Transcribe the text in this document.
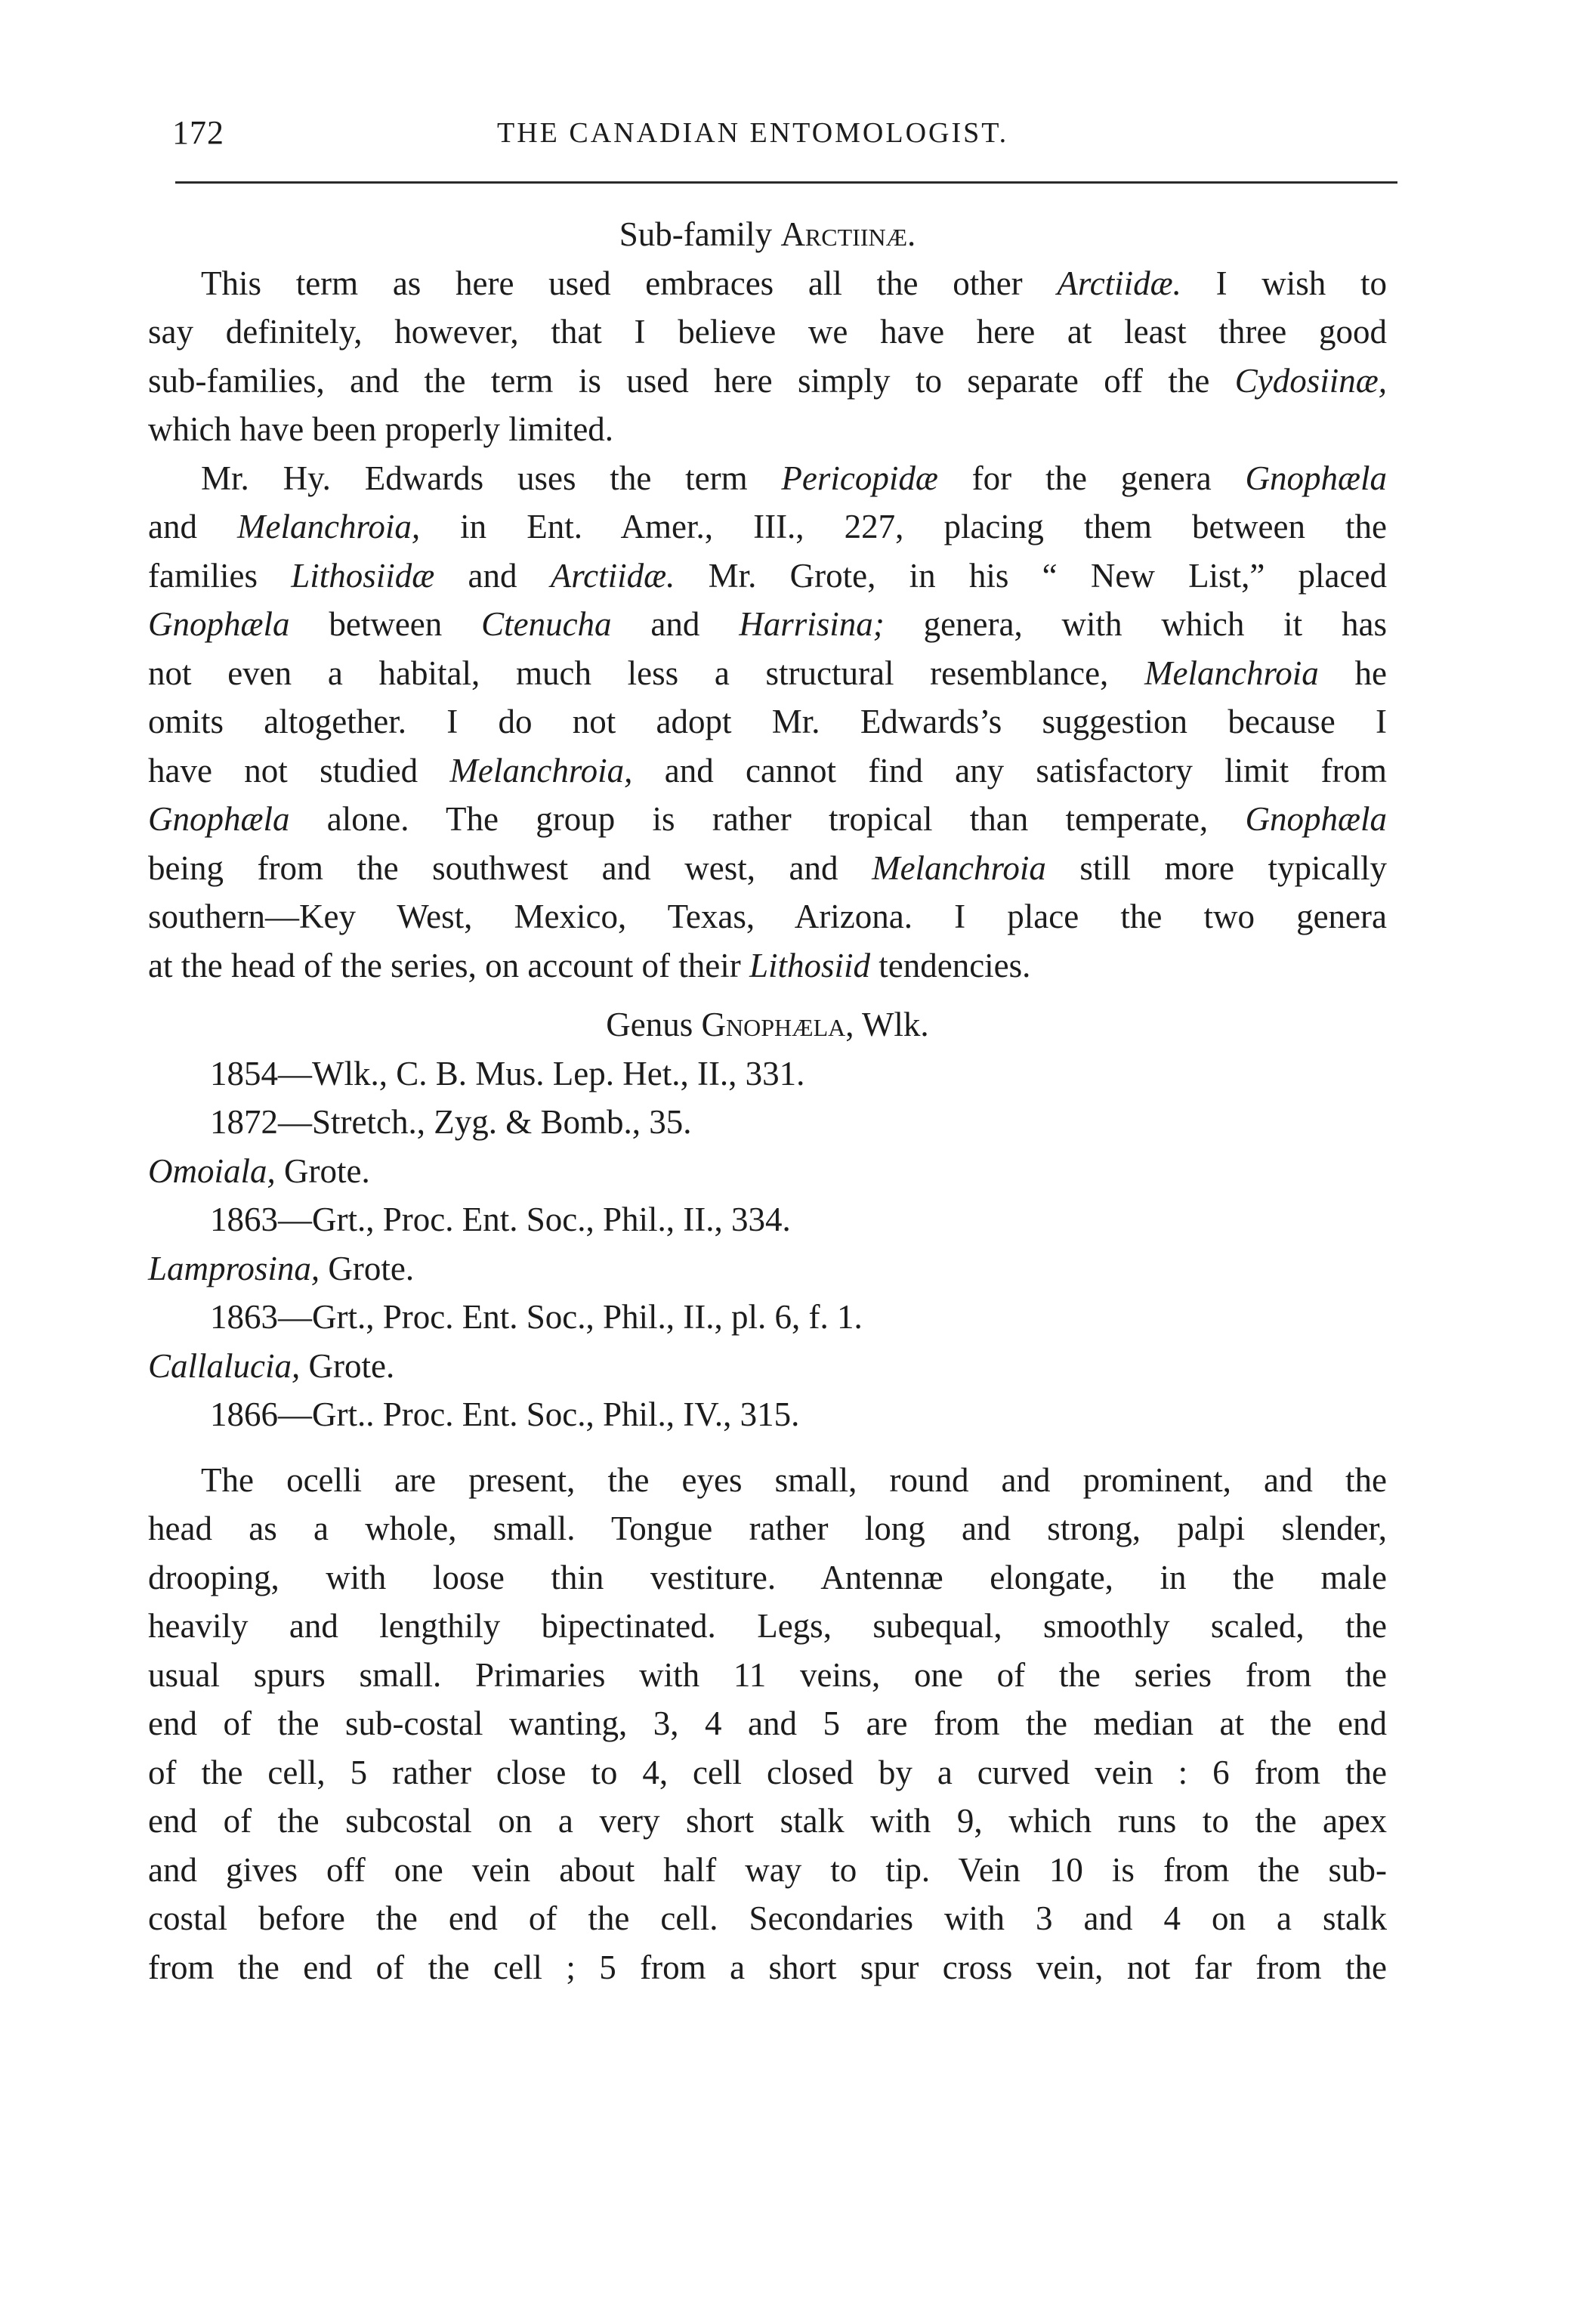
172	THE CANADIAN ENTOMOLOGIST.
Sub-family Arctiinæ.
This term as here used embraces all the other Arctiidæ. I wish to
say definitely, however, that I believe we have here at least three good
sub-families, and the term is used here simply to separate off the Cydosiinæ,
which have been properly limited.
Mr. Hy. Edwards uses the term Pericopidæ for the genera Gnophæla
and Melanchroia, in Ent. Amer., III., 227, placing them between the
families Lithosiidæ and Arctiidæ. Mr. Grote, in his “ New List,” placed
Gnophæla between Ctenucha and Harrisina; genera, with which it has
not even a habital, much less a structural resemblance, Melanchroia he
omits altogether. I do not adopt Mr. Edwards’s suggestion because I
have not studied Melanchroia, and cannot find any satisfactory limit from
Gnophæla alone. The group is rather tropical than temperate, Gnophæla
being from the southwest and west, and Melanchroia still more typically
southern—Key West, Mexico, Texas, Arizona. I place the two genera
at the head of the series, on account of their Lithosiid tendencies.
Genus Gnophæla, Wlk.
1854—Wlk., C. B. Mus. Lep. Het., II., 331.
1872—Stretch., Zyg. & Bomb., 35.
Omoiala, Grote.
1863—Grt., Proc. Ent. Soc., Phil., II., 334.
Lamprosina, Grote.
1863—Grt., Proc. Ent. Soc., Phil., II., pl. 6, f. 1.
Callalucia, Grote.
1866—Grt.. Proc. Ent. Soc., Phil., IV., 315.
The ocelli are present, the eyes small, round and prominent, and the
head as a whole, small. Tongue rather long and strong, palpi slender,
drooping, with loose thin vestiture. Antennæ elongate, in the male
heavily and lengthily bipectinated. Legs, subequal, smoothly scaled, the
usual spurs small. Primaries with 11 veins, one of the series from the
end of the sub-costal wanting, 3, 4 and 5 are from the median at the end
of the cell, 5 rather close to 4, cell closed by a curved vein : 6 from the
end of the subcostal on a very short stalk with 9, which runs to the apex
and gives off one vein about half way to tip. Vein 10 is from the sub-
costal before the end of the cell. Secondaries with 3 and 4 on a stalk
from the end of the cell ; 5 from a short spur cross vein, not far from the
